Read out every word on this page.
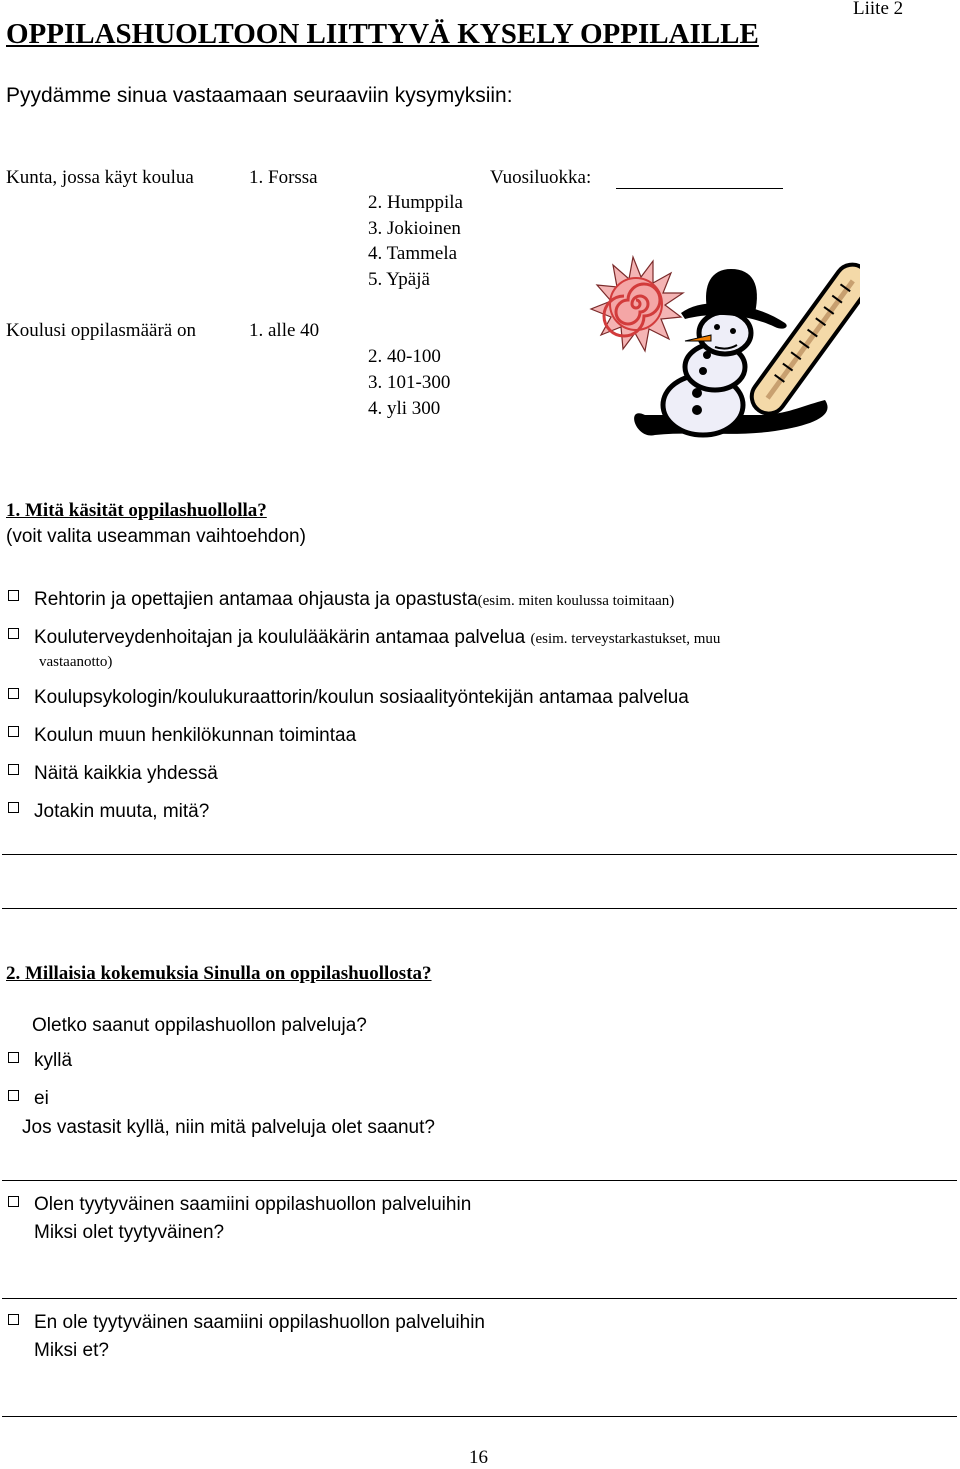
Liite 2
OPPILASHUOLTOON LIITTYVÄ KYSELY OPPILAILLE
Pyydämme sinua vastaamaan seuraaviin kysymyksiin:
Kunta, jossa käyt koulua	1. Forssa
2. Humppila
3. Jokioinen
4. Tammela
5. Ypäjä
Vuosiluokka:
Koulusi oppilasmäärä on	1. alle 40
2. 40-100
3. 101-300
4. yli 300
1. Mitä käsität oppilashuollolla?
(voit valita useamman vaihtoehdon)
Rehtorin ja opettajien antamaa ohjausta ja opastusta(esim. miten koulussa toimitaan)
Kouluterveydenhoitajan ja koululääkärin antamaa palvelua (esim. terveystarkastukset, muu
vastaanotto)
Koulupsykologin/koulukuraattorin/koulun sosiaalityöntekijän antamaa palvelua
Koulun muun henkilökunnan toimintaa
Näitä kaikkia yhdessä
Jotakin muuta, mitä?
2. Millaisia kokemuksia Sinulla on oppilashuollosta?
Oletko saanut oppilashuollon palveluja?
kyllä
ei
Jos vastasit kyllä, niin mitä palveluja olet saanut?
Olen tyytyväinen saamiini oppilashuollon palveluihin
Miksi olet tyytyväinen?
En ole tyytyväinen saamiini oppilashuollon palveluihin
Miksi et?
16
